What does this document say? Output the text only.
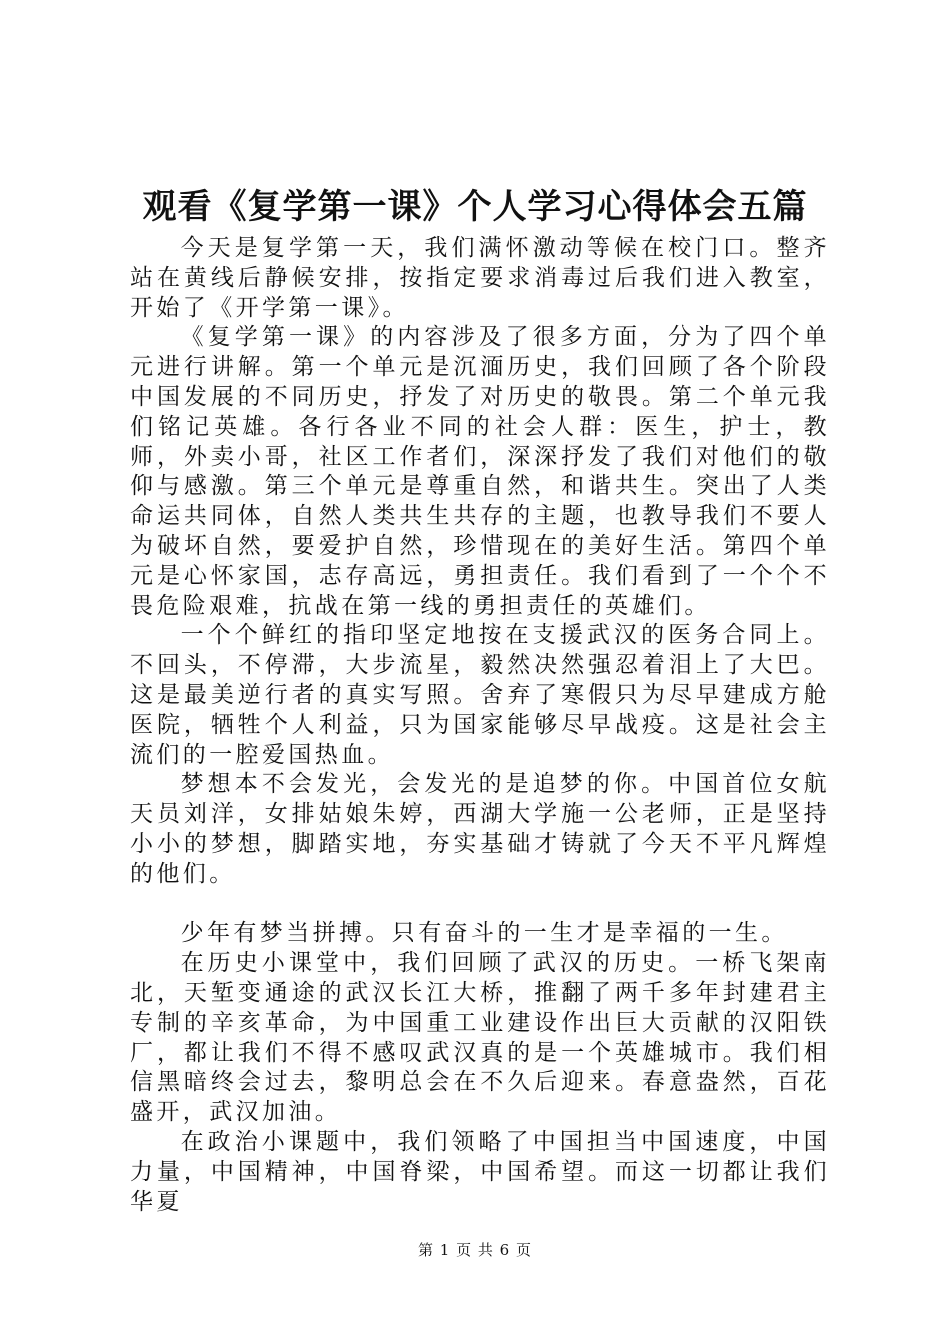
观看《复学第一课》个人学习心得体会五篇

今天是复学第一天，我们满怀激动等候在校门口。整齐站在黄线后静候安排，按指定要求消毒过后我们进入教室，开始了《开学第一课》。

《复学第一课》的内容涉及了很多方面，分为了四个单元进行讲解。第一个单元是沉湎历史，我们回顾了各个阶段中国发展的不同历史，抒发了对历史的敬畏。第二个单元我们铭记英雄。各行各业不同的社会人群：医生，护士，教师，外卖小哥，社区工作者们，深深抒发了我们对他们的敬仰与感激。第三个单元是尊重自然，和谐共生。突出了人类命运共同体，自然人类共生共存的主题，也教导我们不要人为破坏自然，要爱护自然，珍惜现在的美好生活。第四个单元是心怀家国，志存高远，勇担责任。我们看到了一个个不畏危险艰难，抗战在第一线的勇担责任的英雄们。

一个个鲜红的指印坚定地按在支援武汉的医务合同上。不回头，不停滞，大步流星，毅然决然强忍着泪上了大巴。这是最美逆行者的真实写照。舍弃了寒假只为尽早建成方舱医院，牺牲个人利益，只为国家能够尽早战疫。这是社会主流们的一腔爱国热血。

梦想本不会发光，会发光的是追梦的你。中国首位女航天员刘洋，女排姑娘朱婷，西湖大学施一公老师，正是坚持小小的梦想，脚踏实地，夯实基础才铸就了今天不平凡辉煌的他们。

少年有梦当拼搏。只有奋斗的一生才是幸福的一生。

在历史小课堂中，我们回顾了武汉的历史。一桥飞架南北，天堑变通途的武汉长江大桥，推翻了两千多年封建君主专制的辛亥革命，为中国重工业建设作出巨大贡献的汉阳铁厂，都让我们不得不感叹武汉真的是一个英雄城市。我们相信黑暗终会过去，黎明总会在不久后迎来。春意盎然，百花盛开，武汉加油。

在政治小课题中，我们领略了中国担当中国速度，中国力量，中国精神，中国脊梁，中国希望。而这一切都让我们华夏

第 1 页 共 6 页
